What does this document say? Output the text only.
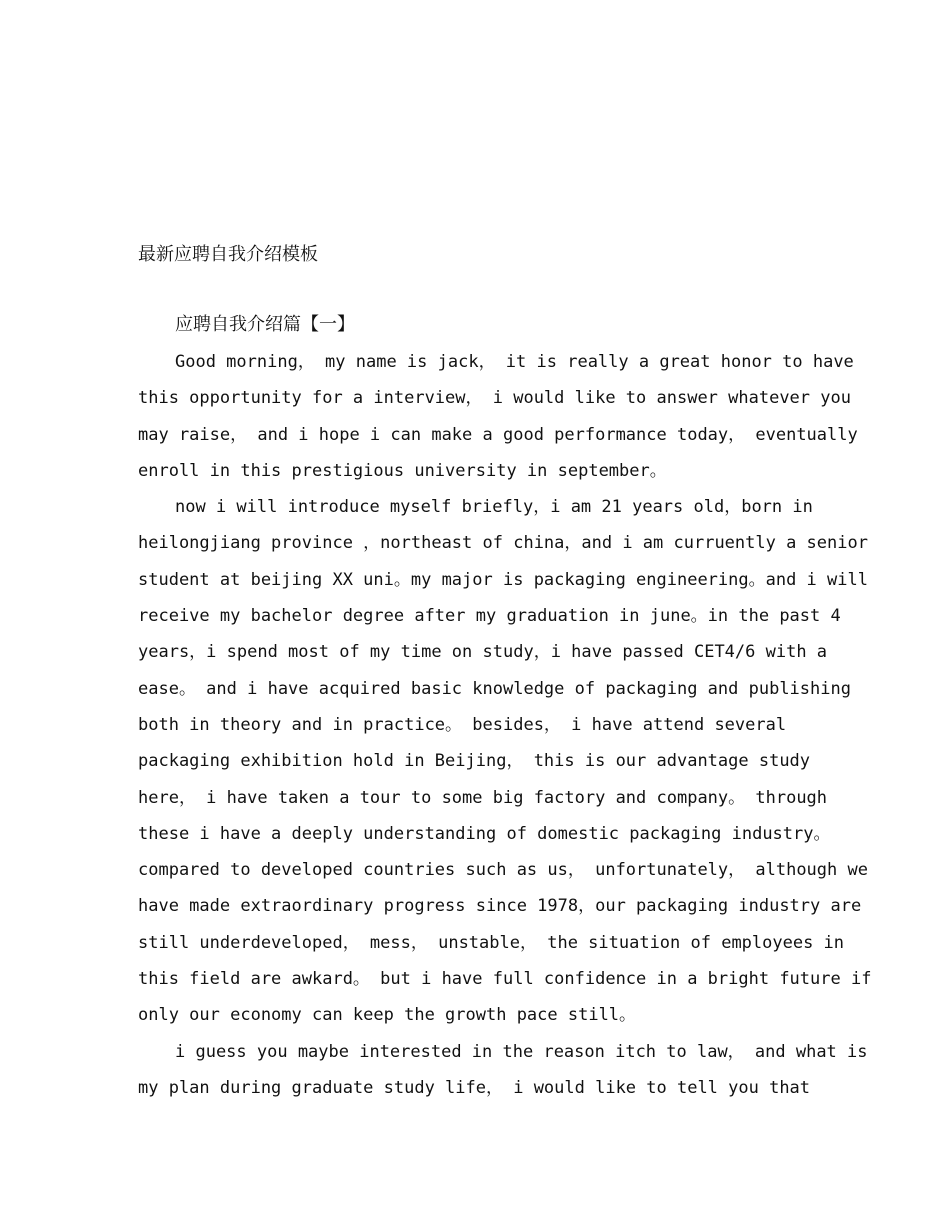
最新应聘自我介绍模板
应聘自我介绍篇【一】
Good morning， my name is jack， it is really a great honor to have
this opportunity for a interview， i would like to answer whatever you
may raise， and i hope i can make a good performance today， eventually
enroll in this prestigious university in september。
now i will introduce myself briefly，i am 21 years old，born in
heilongjiang province ，northeast of china，and i am curruently a senior
student at beijing XX uni。my major is packaging engineering。and i will
receive my bachelor degree after my graduation in june。in the past 4
years，i spend most of my time on study，i have passed CET4/6 with a
ease。 and i have acquired basic knowledge of packaging and publishing
both in theory and in practice。 besides， i have attend several
packaging exhibition hold in Beijing， this is our advantage study
here， i have taken a tour to some big factory and company。 through
these i have a deeply understanding of domestic packaging industry。
compared to developed countries such as us， unfortunately， although we
have made extraordinary progress since 1978，our packaging industry are
still underdeveloped， mess， unstable， the situation of employees in
this field are awkard。 but i have full confidence in a bright future if
only our economy can keep the growth pace still。
i guess you maybe interested in the reason itch to law， and what is
my plan during graduate study life， i would like to tell you that
